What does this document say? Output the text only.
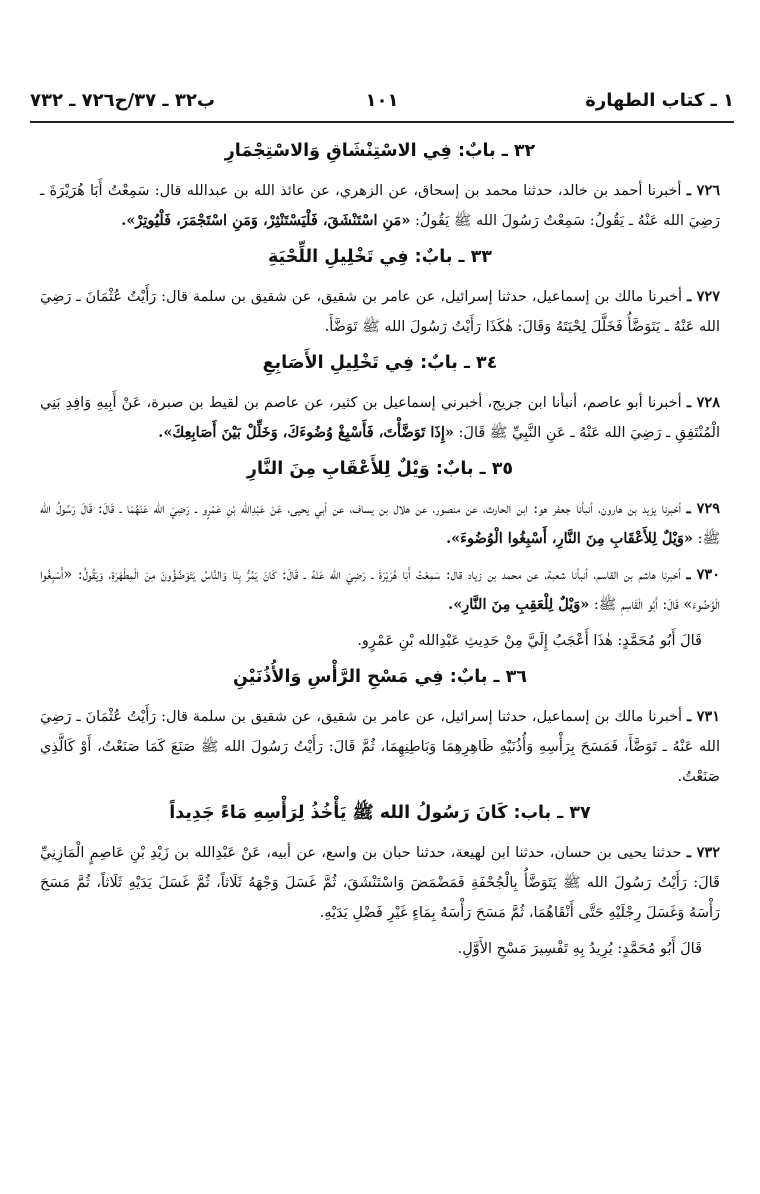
١ ـ كتاب الطهارة
١٠١
ب٣٢ ـ ٣٧/ح٧٢٦ ـ ٧٣٢
٣٢ ـ بابٌ: فِي الاسْتِنْشَاقِ وَالاسْتِجْمَارِ

٧٢٦ ـ أخبرنا أحمد بن خالد، حدثنا محمد بن إسحاق، عن الزهري، عن عائذ الله بن عبدالله قال: سَمِعْتُ أَبَا هُرَيْرَةَ ـ رَضِيَ الله عَنْهُ ـ يَقُولُ: سَمِعْتُ رَسُولَ الله ﷺ يَقُولُ: «مَنِ اسْتَنْشَقَ، فَلْيَسْتَنْثِرْ، وَمَنِ اسْتَجْمَرَ، فَلْيُوتِرْ».

٣٣ ـ بابٌ: فِي تَخْلِيلِ اللِّحْيَةِ

٧٢٧ ـ أخبرنا مالك بن إسماعيل، حدثنا إسرائيل، عن عامر بن شقيق، عن شقيق بن سلمة قال: رَأَيْتُ عُثْمَانَ ـ رَضِيَ الله عَنْهُ ـ يَتَوَضَّأُ فَخَلَّلَ لِحْيَتَهُ وَقَالَ: هٰكَذَا رَأَيْتُ رَسُولَ الله ﷺ تَوَضَّأَ.

٣٤ ـ بابٌ: فِي تَخْلِيلِ الأَصَابِعِ

٧٢٨ ـ أخبرنا أبو عاصم، أنبأنا ابن جريج، أخبرني إسماعيل بن كثير، عن عاصم بن لقيط بن صبرة، عَنْ أَبِيهِ وَافِدِ بَنِي الْمُنْتَفِقِ ـ رَضِيَ الله عَنْهُ ـ عَنِ النَّبِيِّ ﷺ قَالَ: «إِذَا تَوَضَّأْتَ، فَأَسْبِغْ وُضُوءَكَ، وَخَلِّلْ بَيْنَ أَصَابِعِكَ».

٣٥ ـ بابٌ: وَيْلٌ لِلأَعْقَابِ مِنَ النَّارِ

٧٢٩ ـ أخبرنا يزيد بن هارون، أنبأنا جعفر هو: ابن الحارث، عن منصور، عن هلال بن يساف، عن أبي يحيى، عَنْ عَبْدِالله بْنِ عَمْرٍو ـ رَضِيَ الله عَنْهُمَا ـ قَالَ: قَالَ رَسُولُ الله ﷺ: «وَيْلٌ لِلأَعْقَابِ مِنَ النَّارِ، أَسْبِغُوا الْوُضُوءَ».

٧٣٠ ـ أخبرنا هاشم بن القاسم، أنبأنا شعبة، عن محمد بن زياد قال: سَمِعْتُ أَبَا هُرَيْرَةَ ـ رَضِيَ الله عَنْهُ ـ قَالَ: كَانَ يَمُرُّ بِنَا وَالنَّاسُ يَتَوَضَّؤُونَ مِنَ الْمِطْهَرَةِ، وَيَقُولُ: «أَسْبِغُوا الْوُضُوءَ» قَالَ: أَبُو الْقَاسِمِ ﷺ: «وَيْلٌ لِلْعَقِبِ مِنَ النَّارِ».

قَالَ أَبُو مُحَمَّدٍ: هٰذَا أَعْجَبُ إِلَيَّ مِنْ حَدِيثِ عَبْدِالله بْنِ عَمْرٍو.

٣٦ ـ بابٌ: فِي مَسْحِ الرَّأْسِ وَالأُذُنَيْنِ

٧٣١ ـ أخبرنا مالك بن إسماعيل، حدثنا إسرائيل، عن عامر بن شقيق، عن شقيق بن سلمة قال: رَأَيْتُ عُثْمَانَ ـ رَضِيَ الله عَنْهُ ـ تَوَضَّأَ، فَمَسَحَ بِرَأْسِهِ وَأُذُنَيْهِ ظَاهِرِهِمَا وَبَاطِنِهِمَا، ثُمَّ قَالَ: رَأَيْتُ رَسُولَ الله ﷺ صَنَعَ كَمَا صَنَعْتُ، أَوْ كَالَّذِي صَنَعْتُ.

٣٧ ـ باب: كَانَ رَسُولُ الله ﷺ يَأْخُذُ لِرَأْسِهِ مَاءً جَدِيداً

٧٣٢ ـ حدثنا يحيى بن حسان، حدثنا ابن لهيعة، حدثنا حبان بن واسع، عن أبيه، عَنْ عَبْدِالله بن زَيْدِ بْنِ عَاصِمٍ الْمَازِنِيِّ قَالَ: رَأَيْتُ رَسُولَ الله ﷺ يَتَوَضَّأُ بِالْجُحْفَةِ فَمَضْمَضَ وَاسْتَنْشَقَ، ثُمَّ غَسَلَ وَجْهَهُ ثَلَاثاً، ثُمَّ غَسَلَ يَدَيْهِ ثَلَاثاً، ثُمَّ مَسَحَ رَأْسَهُ وَغَسَلَ رِجْلَيْهِ حَتَّى أَنْقَاهُمَا، ثُمَّ مَسَحَ رَأْسَهُ بِمَاءٍ غَيْرِ فَضْلِ يَدَيْهِ.

قَالَ أَبُو مُحَمَّدٍ: يُرِيدُ بِهِ تَفْسِيرَ مَسْحِ الأَوَّلِ.
